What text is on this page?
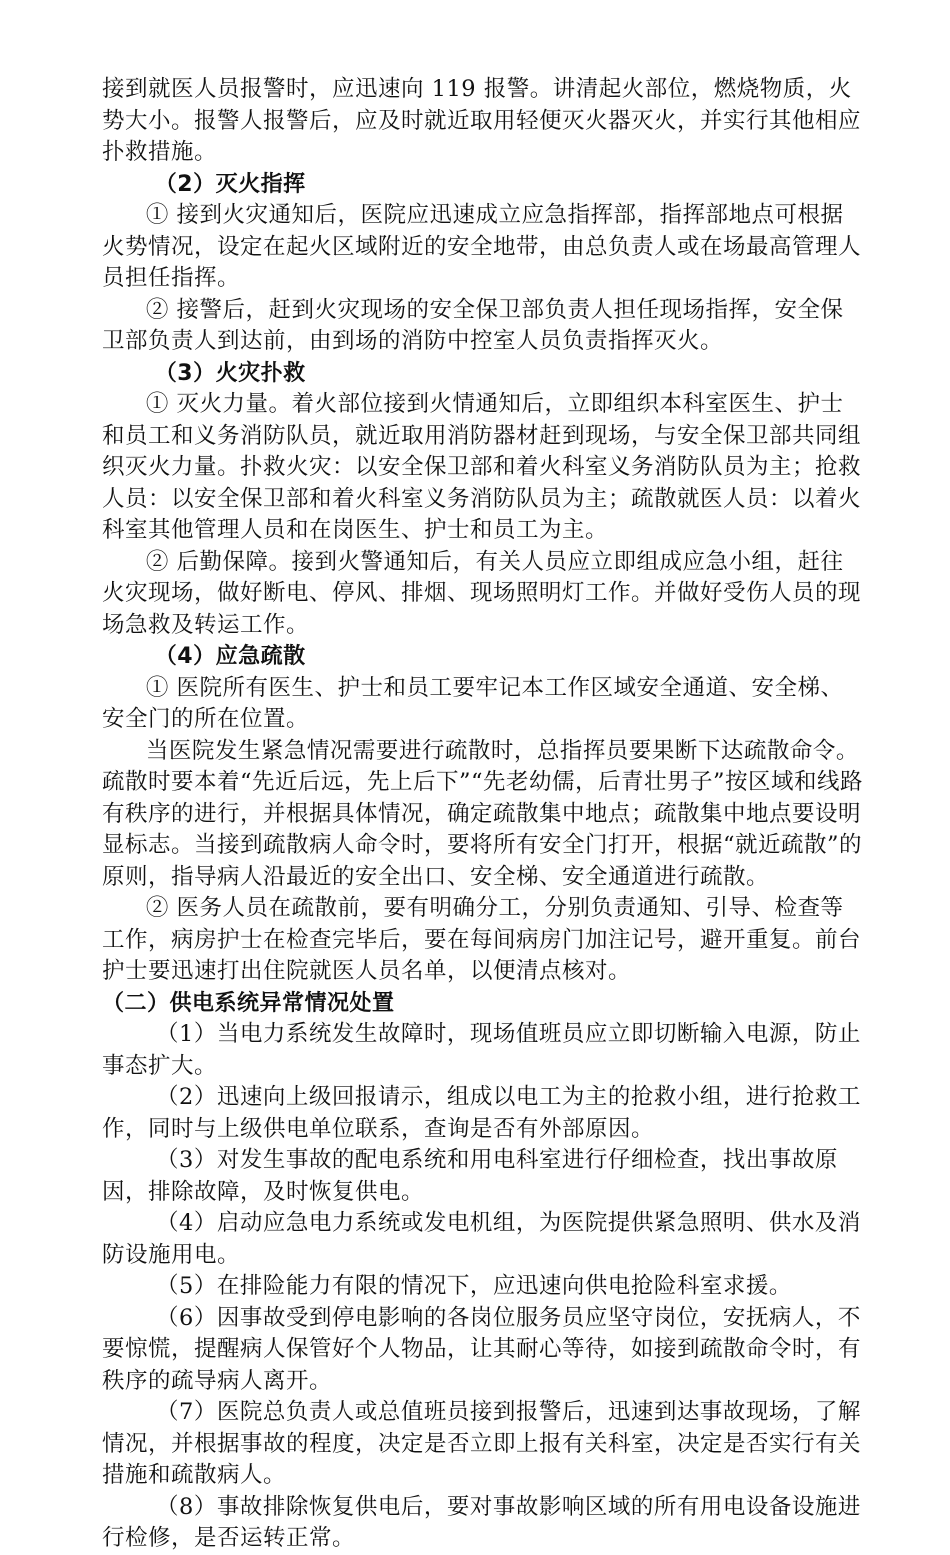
接到就医人员报警时，应迅速向 119 报警。讲清起火部位，燃烧物质，火势大小。报警人报警后，应及时就近取用轻便灭火器灭火，并实行其他相应扑救措施。

（2）灭火指挥

① 接到火灾通知后，医院应迅速成立应急指挥部，指挥部地点可根据火势情况，设定在起火区域附近的安全地带，由总负责人或在场最高管理人员担任指挥。

② 接警后，赶到火灾现场的安全保卫部负责人担任现场指挥，安全保卫部负责人到达前，由到场的消防中控室人员负责指挥灭火。

（3）火灾扑救

① 灭火力量。着火部位接到火情通知后，立即组织本科室医生、护士和员工和义务消防队员，就近取用消防器材赶到现场，与安全保卫部共同组织灭火力量。扑救火灾：以安全保卫部和着火科室义务消防队员为主；抢救人员：以安全保卫部和着火科室义务消防队员为主；疏散就医人员：以着火科室其他管理人员和在岗医生、护士和员工为主。

② 后勤保障。接到火警通知后，有关人员应立即组成应急小组，赶往火灾现场，做好断电、停风、排烟、现场照明灯工作。并做好受伤人员的现场急救及转运工作。

（4）应急疏散

① 医院所有医生、护士和员工要牢记本工作区域安全通道、安全梯、安全门的所在位置。

当医院发生紧急情况需要进行疏散时，总指挥员要果断下达疏散命令。疏散时要本着“先近后远，先上后下”“先老幼儒，后青壮男子”按区域和线路有秩序的进行，并根据具体情况，确定疏散集中地点；疏散集中地点要设明显标志。当接到疏散病人命令时，要将所有安全门打开，根据“就近疏散”的原则，指导病人沿最近的安全出口、安全梯、安全通道进行疏散。

② 医务人员在疏散前，要有明确分工，分别负责通知、引导、检查等工作，病房护士在检查完毕后，要在每间病房门加注记号，避开重复。前台护士要迅速打出住院就医人员名单，以便清点核对。

（二）供电系统异常情况处置

（1）当电力系统发生故障时，现场值班员应立即切断输入电源，防止事态扩大。

（2）迅速向上级回报请示，组成以电工为主的抢救小组，进行抢救工作，同时与上级供电单位联系，查询是否有外部原因。

（3）对发生事故的配电系统和用电科室进行仔细检查，找出事故原因，排除故障，及时恢复供电。

（4）启动应急电力系统或发电机组，为医院提供紧急照明、供水及消防设施用电。

（5）在排险能力有限的情况下，应迅速向供电抢险科室求援。

（6）因事故受到停电影响的各岗位服务员应坚守岗位，安抚病人，不要惊慌，提醒病人保管好个人物品，让其耐心等待，如接到疏散命令时，有秩序的疏导病人离开。

（7）医院总负责人或总值班员接到报警后，迅速到达事故现场，了解情况，并根据事故的程度，决定是否立即上报有关科室，决定是否实行有关措施和疏散病人。

（8）事故排除恢复供电后，要对事故影响区域的所有用电设备设施进行检修，是否运转正常。
